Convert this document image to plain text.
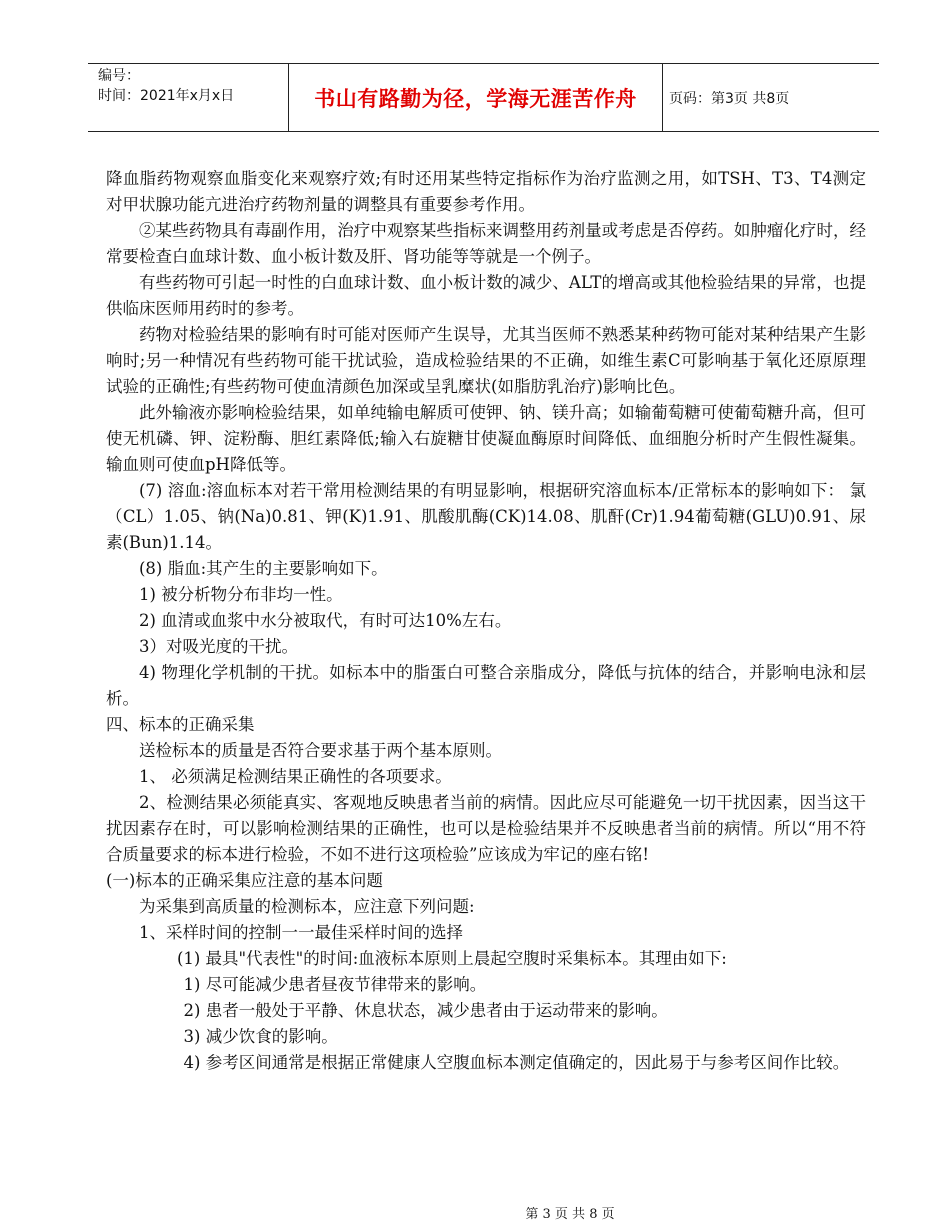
编号：
时间：2021年x月x日	书山有路勤为径，学海无涯苦作舟 页码：第3页 共8页

降血脂药物观察血脂变化来观察疗效;有时还用某些特定指标作为治疗监测之用，如TSH、T3、T4测定对甲状腺功能亢进治疗药物剂量的调整具有重要参考作用。

②某些药物具有毒副作用，治疗中观察某些指标来调整用药剂量或考虑是否停药。如肿瘤化疗时，经常要检查白血球计数、血小板计数及肝、肾功能等等就是一个例子。

有些药物可引起一时性的白血球计数、血小板计数的减少、ALT的增高或其他检验结果的异常，也提供临床医师用药时的参考。

药物对检验结果的影响有时可能对医师产生误导，尤其当医师不熟悉某种药物可能对某种结果产生影响时;另一种情况有些药物可能干扰试验，造成检验结果的不正确，如维生素C可影响基于氧化还原原理试验的正确性;有些药物可使血清颜色加深或呈乳糜状(如脂肪乳治疗)影响比色。

此外输液亦影响检验结果，如单纯输电解质可使钾、钠、镁升高；如输葡萄糖可使葡萄糖升高，但可使无机磷、钾、淀粉酶、胆红素降低;输入右旋糖甘使凝血酶原时间降低、血细胞分析时产生假性凝集。输血则可使血pH降低等。

(7) 溶血:溶血标本对若干常用检测结果的有明显影响，根据研究溶血标本/正常标本的影响如下： 氯（CL）1.05、钠(Na)0.81、钾(K)1.91、肌酸肌酶(CK)14.08、肌酐(Cr)1.94葡萄糖(GLU)0.91、尿素(Bun)1.14。

(8) 脂血:其产生的主要影响如下。

1) 被分析物分布非均一性。

2) 血清或血浆中水分被取代，有时可达10%左右。

3）对吸光度的干扰。

4) 物理化学机制的干扰。如标本中的脂蛋白可整合亲脂成分，降低与抗体的结合，并影响电泳和层析。

四、标本的正确采集

送检标本的质量是否符合要求基于两个基本原则。

1、 必须满足检测结果正确性的各项要求。

2、检测结果必须能真实、客观地反映患者当前的病情。因此应尽可能避免一切干扰因素，因当这干扰因素存在时，可以影响检测结果的正确性，也可以是检验结果并不反映患者当前的病情。所以“用不符合质量要求的标本进行检验，不如不进行这项检验”应该成为牢记的座右铭!

(一)标本的正确采集应注意的基本问题

为采集到高质量的检测标本，应注意下列问题:

1、采样时间的控制一一最佳采样时间的选择

(1) 最具"代表性"的时间:血液标本原则上晨起空腹时采集标本。其理由如下:

1) 尽可能减少患者昼夜节律带来的影响。

2) 患者一般处于平静、休息状态，减少患者由于运动带来的影响。

3) 减少饮食的影响。

4) 参考区间通常是根据正常健康人空腹血标本测定值确定的，因此易于与参考区间作比较。

第 3 页 共 8 页
